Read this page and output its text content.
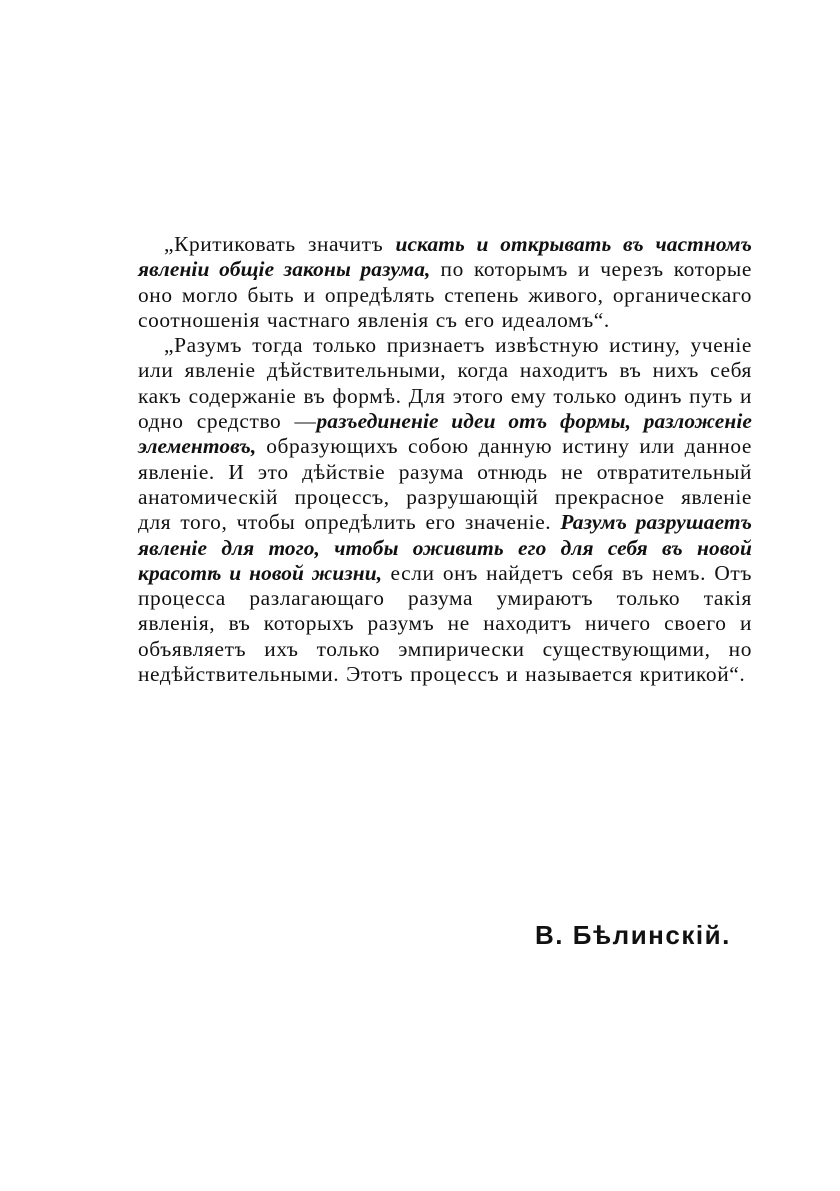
„Критиковать значитъ искать и открывать въ частномъ явленіи общіе законы разума, по которымъ и черезъ которые оно могло быть и опредѣлять степень живого, органическаго соотношенія частнаго явленія съ его идеаломъ“.

„Разумъ тогда только признаетъ извѣстную истину, ученіе или явленіе дѣйствительными, когда находитъ въ нихъ себя какъ содержаніе въ формѣ. Для этого ему только одинъ путь и одно средство —разъединеніе идеи отъ формы, разложеніе элементовъ, образующихъ собою данную истину или данное явленіе. И это дѣйствіе разума отнюдь не отвратительный анатомическій процессъ, разрушающій прекрасное явленіе для того, чтобы опредѣлить его значеніе. Разумъ разрушаетъ явленіе для того, чтобы оживить его для себя въ новой красотѣ и новой жизни, если онъ найдетъ себя въ немъ. Отъ процесса разлагающаго разума умираютъ только такія явленія, въ которыхъ разумъ не находитъ ничего своего и объявляетъ ихъ только эмпирически существующими, но недѣйствительными. Этотъ процессъ и называется критикой“.

В. Бѣлинскій.
